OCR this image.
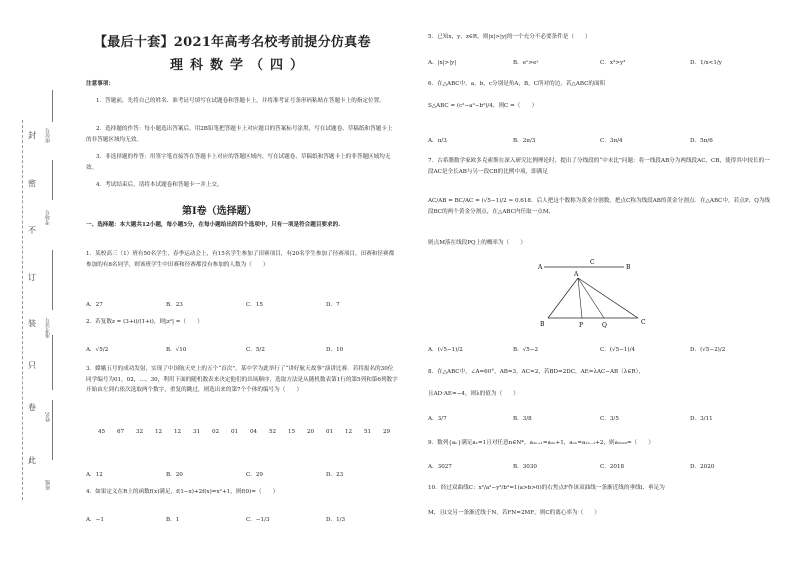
封
密
不
订
装
只
卷
此
班级
姓名
准考证号
考场号
座位号
【最后十套】2021年高考名校考前提分仿真卷
理科数学（四）
注意事项：
1．答题前，先将自己的姓名、准考证号填写在试题卷和答题卡上，并将准考证号条形码粘贴在答题卡上的指定位置。
2．选择题的作答：每小题选出答案后，用2B铅笔把答题卡上对应题目的答案标号涂黑，写在试题卷、草稿纸和答题卡上的非答题区域均无效。
3．非选择题的作答：用签字笔直接答在答题卡上对应的答题区域内。写在试题卷、草稿纸和答题卡上的非答题区域均无效。
4．考试结束后，请将本试题卷和答题卡一并上交。
第Ⅰ卷（选择题）
一、选择题：本大题共12小题，每小题5分，在每小题给出的四个选项中，只有一项是符合题目要求的．
1．某校高三（1）班有50名学生，春季运动会上，有15名学生参加了田赛项目，有20名学生参加了径赛项目，田赛和径赛都参加的有8名同学，则该班学生中田赛和径赛都没有参加的人数为（　　）
A．27	B．23	C．15	D．7
2．若复数z = (3+i)/(1+i)，则|z²| =（　　）
A．√5/2	B．√10	C．5/2	D．10
3．嫦娥五号的成功发射，实现了中国航天史上的五个“首次”，某中学为此举行了“讲好航天故事”演讲比赛．若将报名的30位同学编号为01，02，…，30，利用下面的随机数表来决定他们的出场顺序，选取方法是从随机数表第1行的第5列和第6列数字开始由左到右依次选取两个数字，重复的跳过，则选出来的第7个个体的编号为（　　）
45 67 32 12 12 31 02 01 04 52 15 20 01 12 51 29
A．12	B．20	C．29	D．23
4．如果定义在R上的函数f(x)满足，f(1−x)+2f(x)=x²+1，则f(0)=（　　）
A．−1	B．1	C．−1/3	D．1/3
5．已知x，y，z∈R，则|x|>|y|的一个充分不必要条件是（　　）
A．|x|>|y|	B．eˣ>eʸ	C．x³>y³	D．1/x<1/y
6．在△ABC中，a，b，c分别是角A，B，C所对的边，若△ABC的面积
S△ABC = (c²−a²−b²)/4，则C =（　　）
A．π/3	B．2π/3	C．3π/4	D．5π/6
7．古希腊数学家欧多克索斯在深入研究比例理论时，提出了分线段的“中末比”问题：将一线段AB分为两线段AC，CB，使得其中较长的一段AC是全长AB与另一段CB的比例中项，即满足
AC/AB = BC/AC = (√5−1)/2 ≈ 0.618．后人把这个数称为黄金分割数，把点C称为线段AB的黄金分割点．在△ABC中，若点P，Q为线段BC的两个黄金分割点，在△ABC内任取一点M，
则点M落在线段PQ上的概率为（　　）
A
C
B
A
B	P	Q	C
A．(√5−1)/2	B．√5−2	C．(√5−1)/4	D．(√5−2)/2
8．在△ABC中，∠A=60°，AB=3，AC=2，若BD=2DC，AE=λAC−AB（λ∈R），
且AD·AE=−4，则λ的值为（　　）
A．3/7	B．3/8	C．3/5	D．3/11
9．数列{aₙ}满足a₁=1且对任意n∈N*，a₂ₙ₊₁=a₂ₙ+1，a₂ₙ=a₂ₙ₋₁+2，则a₂₀₂₀=（　　）
A．3027	B．3030	C．2018	D．2020
10．经过双曲线C：x²/a²−y²/b²=1(a>b>0)的右焦点F作该双曲线一条渐近线的垂线l，垂足为
M，且l交另一条渐近线于N，若FN=2MF，则C的离心率为（　　）
